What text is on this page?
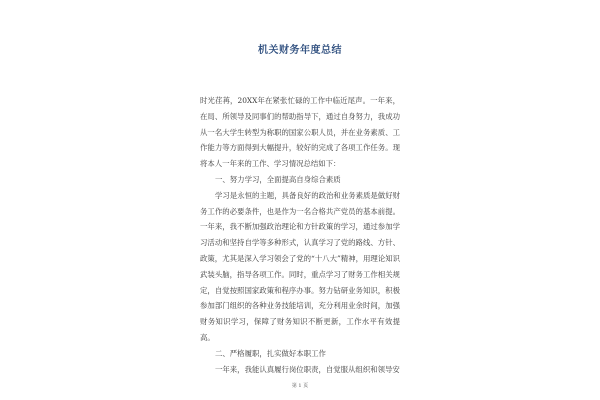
机关财务年度总结

时光荏苒，20XX年在紧张忙碌的工作中临近尾声。一年来，在局、所领导及同事们的帮助指导下，通过自身努力，我成功从一名大学生转型为称职的国家公职人员，并在业务素质、工作能力等方面得到大幅提升，较好的完成了各项工作任务。现将本人一年来的工作、学习情况总结如下：

一、努力学习，全面提高自身综合素质

学习是永恒的主题，具备良好的政治和业务素质是做好财务工作的必要条件，也是作为一名合格共产党员的基本前提。一年来，我不断加强政治理论和方针政策的学习，通过参加学习活动和坚持自学等多种形式，认真学习了党的路线、方针、政策，尤其是深入学习领会了党的“十八大”精神，用理论知识武装头脑，指导各项工作。同时，重点学习了财务工作相关规定，自觉按照国家政策和程序办事。努力钻研业务知识，积极参加部门组织的各种业务技能培训，充分利用业余时间，加强财务知识学习，保障了财务知识不断更新，工作水平有效提高。

二、严格履职，扎实做好本职工作

一年来，我能认真履行岗位职责，自觉服从组织和领导安

第 1 页
